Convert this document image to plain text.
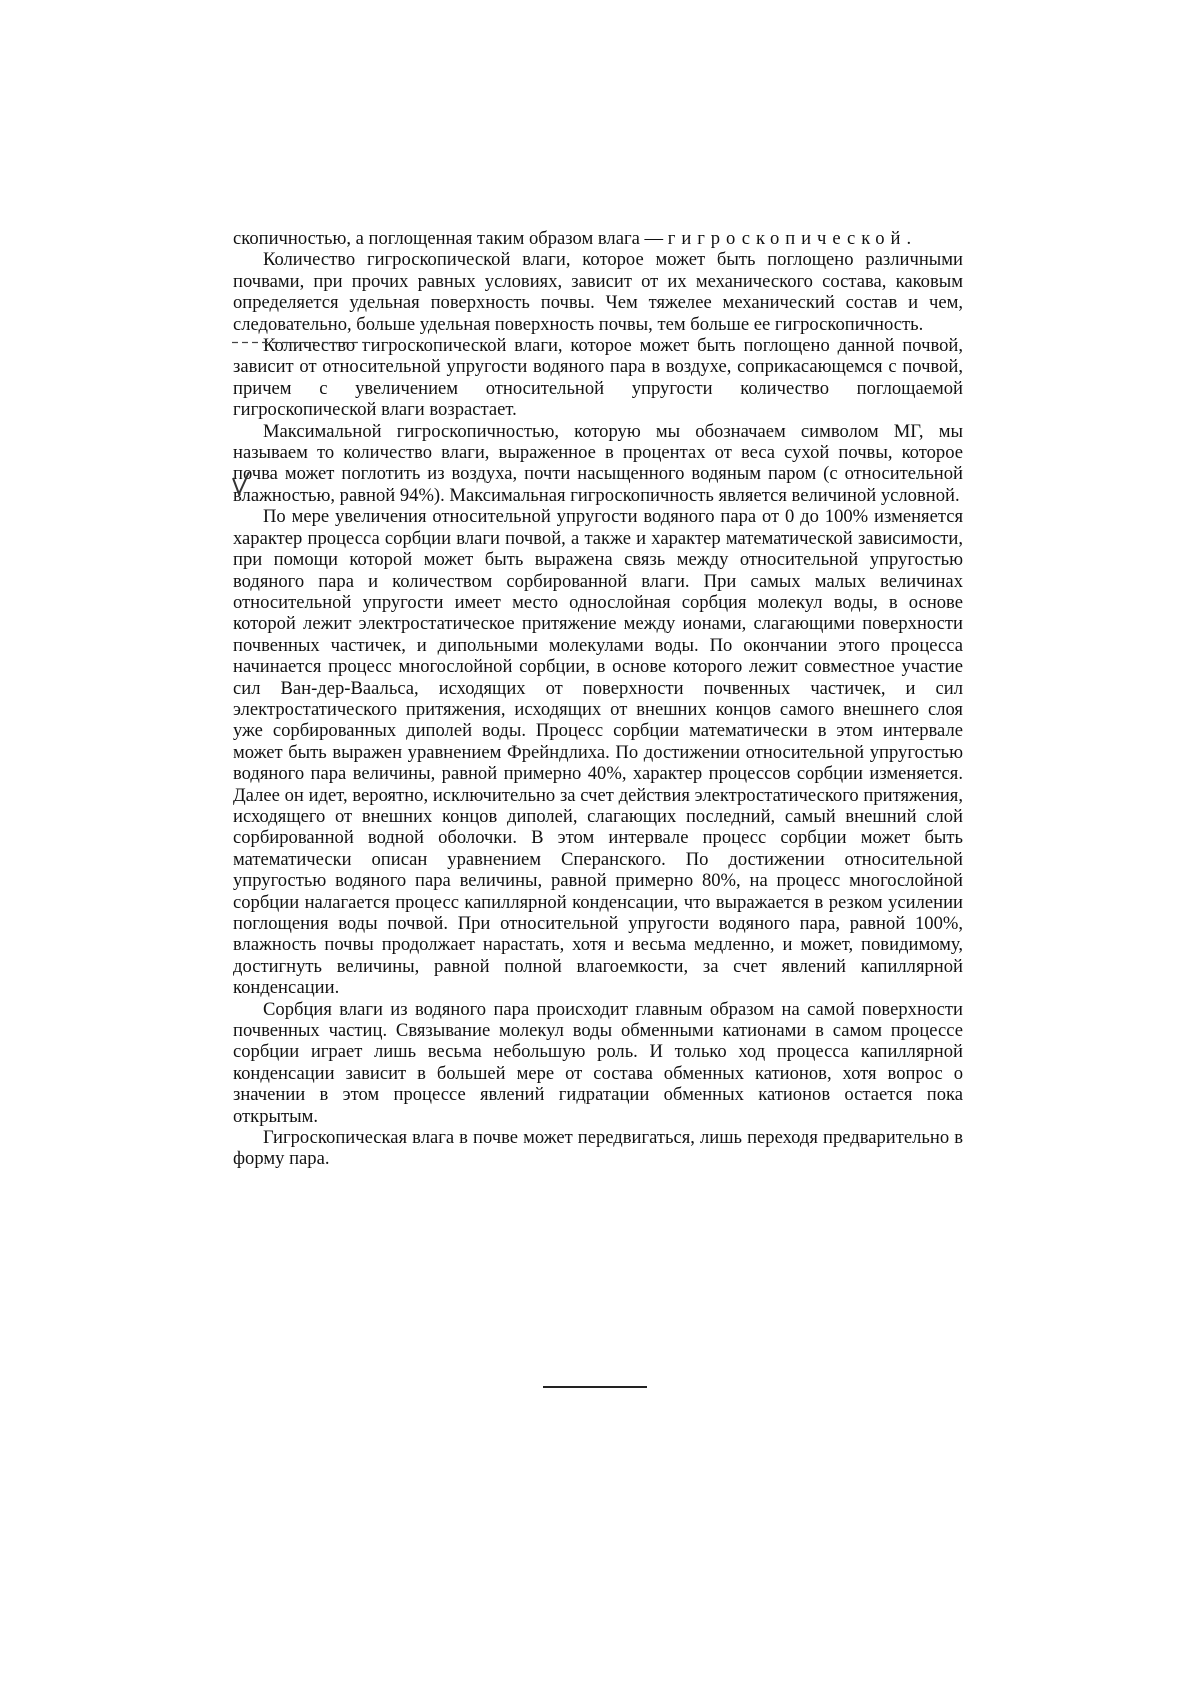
скопичностью, а поглощенная таким образом влага — гигроскопической.

Количество гигроскопической влаги, которое может быть поглощено различными почвами, при прочих равных условиях, зависит от их механического состава, каковым определяется удельная поверхность почвы. Чем тяжелее механический состав и чем, следовательно, больше удельная поверхность почвы, тем больше ее гигроскопичность.

Количество гигроскопической влаги, которое может быть поглощено данной почвой, зависит от относительной упругости водяного пара в воздухе, соприкасающемся с почвой, причем с увеличением относительной упругости количество поглощаемой гигроскопической влаги возрастает.

Максимальной гигроскопичностью, которую мы обозначаем символом МГ, мы называем то количество влаги, выраженное в процентах от веса сухой почвы, которое почва может поглотить из воздуха, почти насыщенного водяным паром (с относительной влажностью, равной 94%). Максимальная гигроскопичность является величиной условной.

По мере увеличения относительной упругости водяного пара от 0 до 100% изменяется характер процесса сорбции влаги почвой, а также и характер математической зависимости, при помощи которой может быть выражена связь между относительной упругостью водяного пара и количеством сорбированной влаги. При самых малых величинах относительной упругости имеет место однослойная сорбция молекул воды, в основе которой лежит электростатическое притяжение между ионами, слагающими поверхности почвенных частичек, и дипольными молекулами воды. По окончании этого процесса начинается процесс многослойной сорбции, в основе которого лежит совместное участие сил Ван-дер-Ваальса, исходящих от поверхности почвенных частичек, и сил электростатического притяжения, исходящих от внешних концов самого внешнего слоя уже сорбированных диполей воды. Процесс сорбции математически в этом интервале может быть выражен уравнением Фрейндлиха. По достижении относительной упругостью водяного пара величины, равной примерно 40%, характер процессов сорбции изменяется. Далее он идет, вероятно, исключительно за счет действия электростатического притяжения, исходящего от внешних концов диполей, слагающих последний, самый внешний слой сорбированной водной оболочки. В этом интервале процесс сорбции может быть математически описан уравнением Сперанского. По достижении относительной упругостью водяного пара величины, равной примерно 80%, на процесс многослойной сорбции налагается процесс капиллярной конденсации, что выражается в резком усилении поглощения воды почвой. При относительной упругости водяного пара, равной 100%, влажность почвы продолжает нарастать, хотя и весьма медленно, и может, повидимому, достигнуть величины, равной полной влагоемкости, за счет явлений капиллярной конденсации.

Сорбция влаги из водяного пара происходит главным образом на самой поверхности почвенных частиц. Связывание молекул воды обменными катионами в самом процессе сорбции играет лишь весьма небольшую роль. И только ход процесса капиллярной конденсации зависит в большей мере от состава обменных катионов, хотя вопрос о значении в этом процессе явлений гидратации обменных катионов остается пока открытым.

Гигроскопическая влага в почве может передвигаться, лишь переходя предварительно в форму пара.
